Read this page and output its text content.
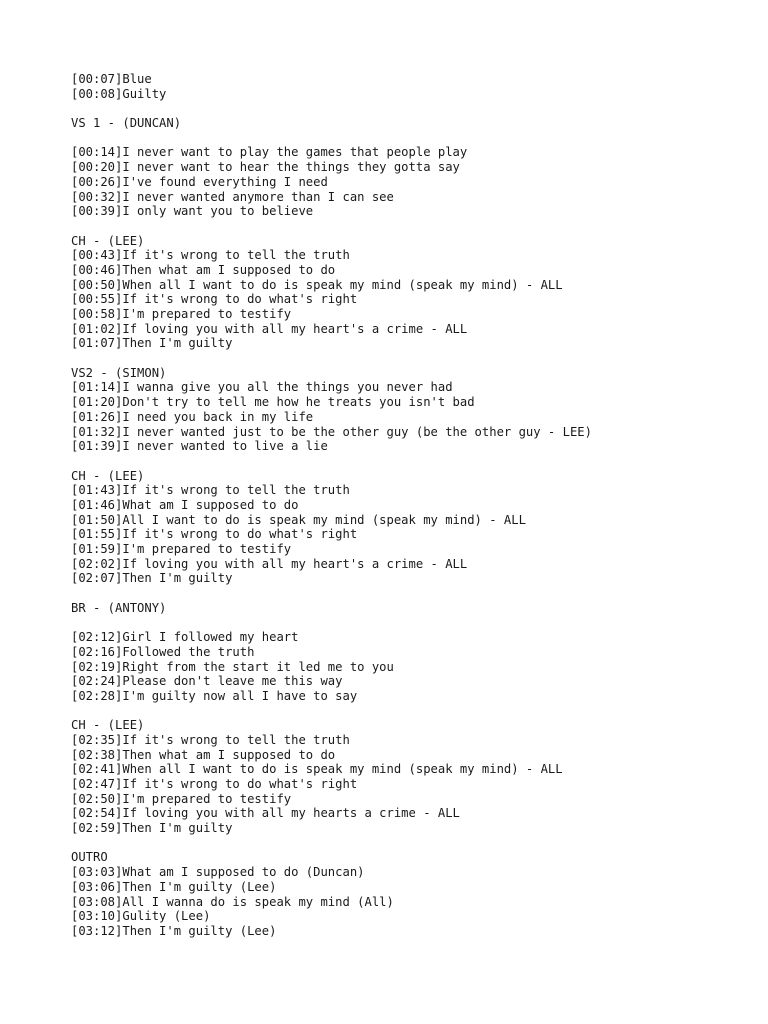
[00:07]Blue
[00:08]Guilty
VS 1 - (DUNCAN)
[00:14]I never want to play the games that people play
[00:20]I never want to hear the things they gotta say
[00:26]I've found everything I need
[00:32]I never wanted anymore than I can see
[00:39]I only want you to believe
CH - (LEE)
[00:43]If it's wrong to tell the truth
[00:46]Then what am I supposed to do
[00:50]When all I want to do is speak my mind (speak my mind) - ALL
[00:55]If it's wrong to do what's right
[00:58]I'm prepared to testify
[01:02]If loving you with all my heart's a crime - ALL
[01:07]Then I'm guilty
VS2 - (SIMON)
[01:14]I wanna give you all the things you never had
[01:20]Don't try to tell me how he treats you isn't bad
[01:26]I need you back in my life
[01:32]I never wanted just to be the other guy (be the other guy - LEE)
[01:39]I never wanted to live a lie
CH - (LEE)
[01:43]If it's wrong to tell the truth
[01:46]What am I supposed to do
[01:50]All I want to do is speak my mind (speak my mind) - ALL
[01:55]If it's wrong to do what's right
[01:59]I'm prepared to testify
[02:02]If loving you with all my heart's a crime - ALL
[02:07]Then I'm guilty
BR - (ANTONY)
[02:12]Girl I followed my heart
[02:16]Followed the truth
[02:19]Right from the start it led me to you
[02:24]Please don't leave me this way
[02:28]I'm guilty now all I have to say
CH - (LEE)
[02:35]If it's wrong to tell the truth
[02:38]Then what am I supposed to do
[02:41]When all I want to do is speak my mind (speak my mind) - ALL
[02:47]If it's wrong to do what's right
[02:50]I'm prepared to testify
[02:54]If loving you with all my hearts a crime - ALL
[02:59]Then I'm guilty
OUTRO
[03:03]What am I supposed to do (Duncan)
[03:06]Then I'm guilty (Lee)
[03:08]All I wanna do is speak my mind (All)
[03:10]Gulity (Lee)
[03:12]Then I'm guilty (Lee)
